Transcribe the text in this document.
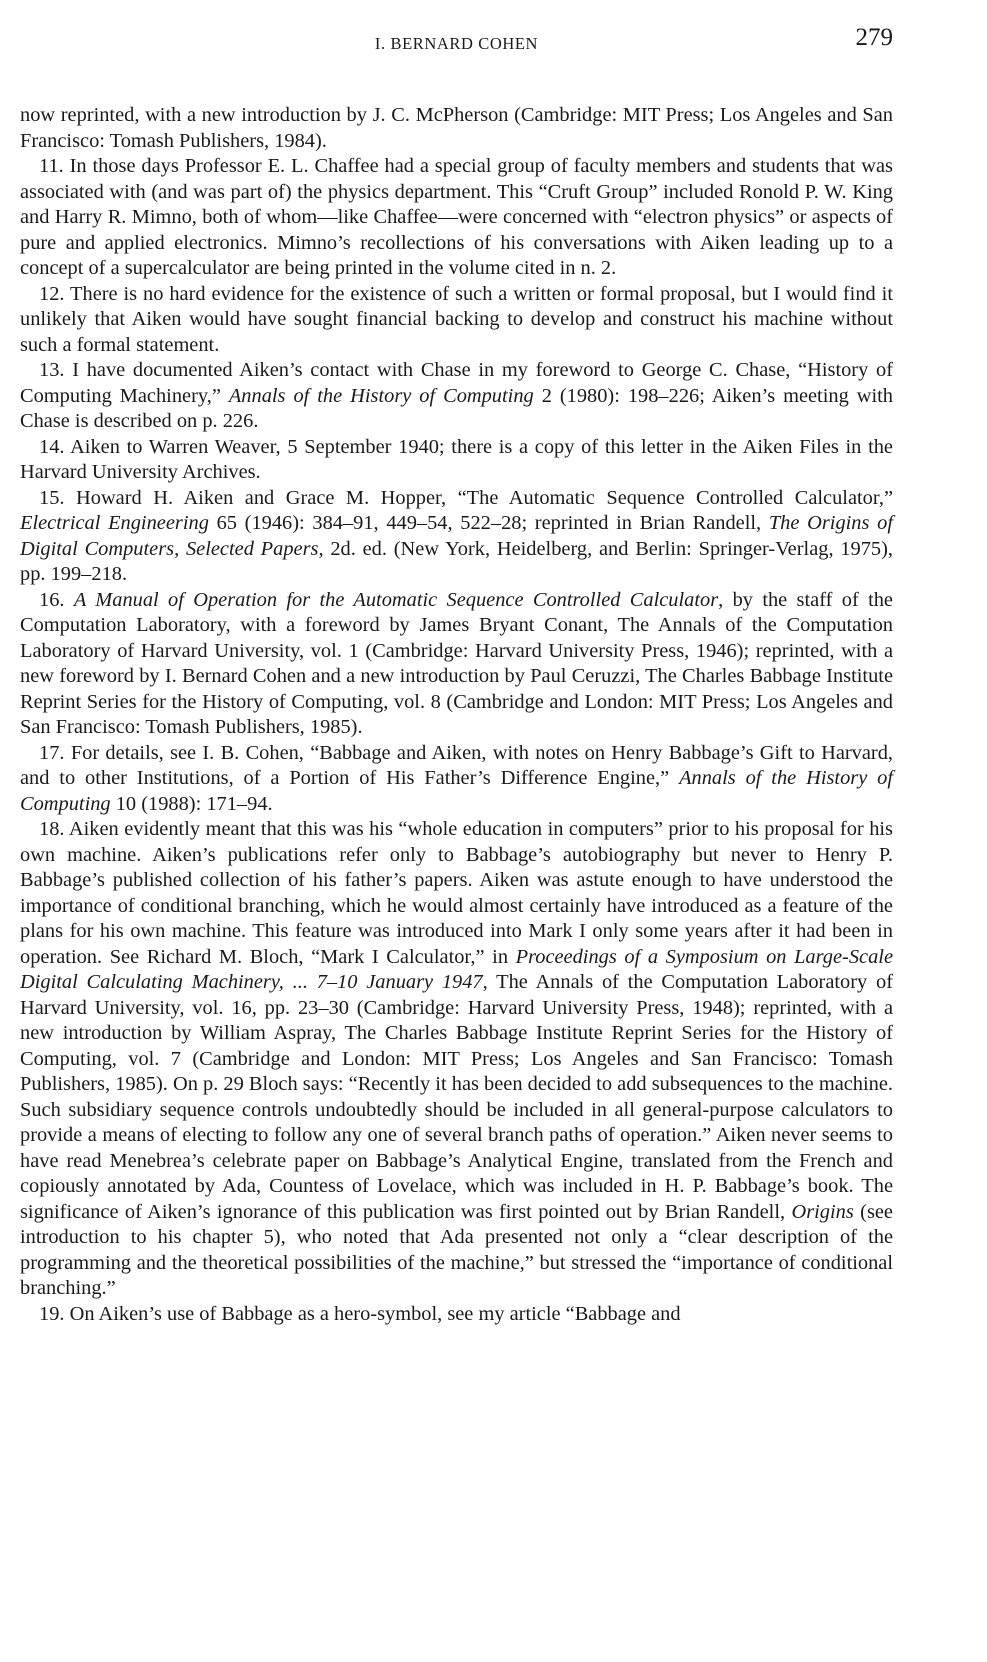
I. BERNARD COHEN	279

now reprinted, with a new introduction by J. C. McPherson (Cambridge: MIT Press; Los Angeles and San Francisco: Tomash Publishers, 1984).

11. In those days Professor E. L. Chaffee had a special group of faculty members and students that was associated with (and was part of) the physics department. This “Cruft Group” included Ronold P. W. King and Harry R. Mimno, both of whom—like Chaffee—were concerned with “electron physics” or aspects of pure and applied electronics. Mimno’s recollections of his conversations with Aiken leading up to a concept of a supercalculator are being printed in the volume cited in n. 2.

12. There is no hard evidence for the existence of such a written or formal proposal, but I would find it unlikely that Aiken would have sought financial backing to develop and construct his machine without such a formal statement.

13. I have documented Aiken’s contact with Chase in my foreword to George C. Chase, “History of Computing Machinery,” Annals of the History of Computing 2 (1980): 198–226; Aiken’s meeting with Chase is described on p. 226.

14. Aiken to Warren Weaver, 5 September 1940; there is a copy of this letter in the Aiken Files in the Harvard University Archives.

15. Howard H. Aiken and Grace M. Hopper, “The Automatic Sequence Controlled Calculator,” Electrical Engineering 65 (1946): 384–91, 449–54, 522–28; reprinted in Brian Randell, The Origins of Digital Computers, Selected Papers, 2d. ed. (New York, Heidelberg, and Berlin: Springer-Verlag, 1975), pp. 199–218.

16. A Manual of Operation for the Automatic Sequence Controlled Calculator, by the staff of the Computation Laboratory, with a foreword by James Bryant Conant, The Annals of the Computation Laboratory of Harvard University, vol. 1 (Cambridge: Harvard University Press, 1946); reprinted, with a new foreword by I. Bernard Cohen and a new introduction by Paul Ceruzzi, The Charles Babbage Institute Reprint Series for the History of Computing, vol. 8 (Cambridge and London: MIT Press; Los Angeles and San Francisco: Tomash Publishers, 1985).

17. For details, see I. B. Cohen, “Babbage and Aiken, with notes on Henry Babbage’s Gift to Harvard, and to other Institutions, of a Portion of His Father’s Difference Engine,” Annals of the History of Computing 10 (1988): 171–94.

18. Aiken evidently meant that this was his “whole education in computers” prior to his proposal for his own machine. Aiken’s publications refer only to Babbage’s autobiography but never to Henry P. Babbage’s published collection of his father’s papers. Aiken was astute enough to have understood the importance of conditional branching, which he would almost certainly have introduced as a feature of the plans for his own machine. This feature was introduced into Mark I only some years after it had been in operation. See Richard M. Bloch, “Mark I Calculator,” in Proceedings of a Symposium on Large-Scale Digital Calculating Machinery, ... 7–10 January 1947, The Annals of the Computation Laboratory of Harvard University, vol. 16, pp. 23–30 (Cambridge: Harvard University Press, 1948); reprinted, with a new introduction by William Aspray, The Charles Babbage Institute Reprint Series for the History of Computing, vol. 7 (Cambridge and London: MIT Press; Los Angeles and San Francisco: Tomash Publishers, 1985). On p. 29 Bloch says: “Recently it has been decided to add subsequences to the machine. Such subsidiary sequence controls undoubtedly should be included in all general-purpose calculators to provide a means of electing to follow any one of several branch paths of operation.” Aiken never seems to have read Menebrea’s celebrate paper on Babbage’s Analytical Engine, translated from the French and copiously annotated by Ada, Countess of Lovelace, which was included in H. P. Babbage’s book. The significance of Aiken’s ignorance of this publication was first pointed out by Brian Randell, Origins (see introduction to his chapter 5), who noted that Ada presented not only a “clear description of the programming and the theoretical possibilities of the machine,” but stressed the “importance of conditional branching.”

19. On Aiken’s use of Babbage as a hero-symbol, see my article “Babbage and
